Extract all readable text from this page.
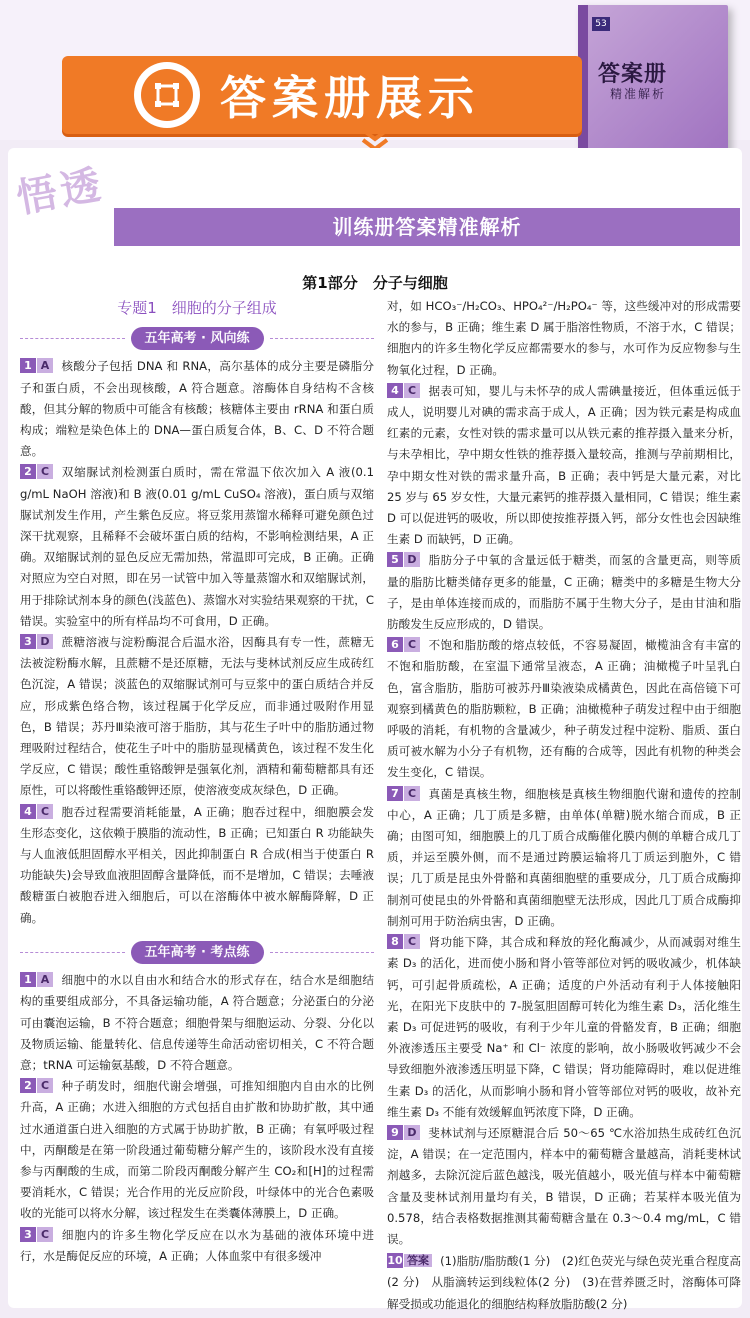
53
答案册
精准解析
答案册展示
悟透
训练册答案精准解析
第1部分　分子与细胞

专题1　细胞的分子组成

五年高考 · 风向练

1 A 核酸分子包括 DNA 和 RNA，高尔基体的成分主要是磷脂分子和蛋白质，不会出现核酸，A 符合题意。溶酶体自身结构不含核酸，但其分解的物质中可能含有核酸；核糖体主要由 rRNA 和蛋白质构成；端粒是染色体上的 DNA—蛋白质复合体，B、C、D 不符合题意。

2 C 双缩脲试剂检测蛋白质时，需在常温下依次加入 A 液(0.1 g/mL NaOH 溶液)和 B 液(0.01 g/mL CuSO₄ 溶液)，蛋白质与双缩脲试剂发生作用，产生紫色反应。将豆浆用蒸馏水稀释可避免颜色过深干扰观察，且稀释不会破坏蛋白质的结构，不影响检测结果，A 正确。双缩脲试剂的显色反应无需加热，常温即可完成，B 正确。正确对照应为空白对照，即在另一试管中加入等量蒸馏水和双缩脲试剂，用于排除试剂本身的颜色(浅蓝色)、蒸馏水对实验结果观察的干扰，C 错误。实验室中的所有样品均不可食用，D 正确。

3 D 蔗糖溶液与淀粉酶混合后温水浴，因酶具有专一性，蔗糖无法被淀粉酶水解，且蔗糖不是还原糖，无法与斐林试剂反应生成砖红色沉淀，A 错误；淡蓝色的双缩脲试剂可与豆浆中的蛋白质结合并反应，形成紫色络合物，该过程属于化学反应，而非通过吸附作用显色，B 错误；苏丹Ⅲ染液可溶于脂肪，其与花生子叶中的脂肪通过物理吸附过程结合，使花生子叶中的脂肪显现橘黄色，该过程不发生化学反应，C 错误；酸性重铬酸钾是强氧化剂，酒精和葡萄糖都具有还原性，可以将酸性重铬酸钾还原，使溶液变成灰绿色，D 正确。

4 C 胞吞过程需要消耗能量，A 正确；胞吞过程中，细胞膜会发生形态变化，这依赖于膜脂的流动性，B 正确；已知蛋白 R 功能缺失与人血液低胆固醇水平相关，因此抑制蛋白 R 合成(相当于使蛋白 R 功能缺失)会导致血液胆固醇含量降低，而不是增加，C 错误；去唾液酸糖蛋白被胞吞进入细胞后，可以在溶酶体中被水解酶降解，D 正确。

五年高考 · 考点练

1 A 细胞中的水以自由水和结合水的形式存在，结合水是细胞结构的重要组成部分，不具备运输功能，A 符合题意；分泌蛋白的分泌可由囊泡运输，B 不符合题意；细胞骨架与细胞运动、分裂、分化以及物质运输、能量转化、信息传递等生命活动密切相关，C 不符合题意；tRNA 可运输氨基酸，D 不符合题意。

2 C 种子萌发时，细胞代谢会增强，可推知细胞内自由水的比例升高，A 正确；水进入细胞的方式包括自由扩散和协助扩散，其中通过水通道蛋白进入细胞的方式属于协助扩散，B 正确；有氧呼吸过程中，丙酮酸是在第一阶段通过葡萄糖分解产生的，该阶段水没有直接参与丙酮酸的生成，而第二阶段丙酮酸分解产生 CO₂和[H]的过程需要消耗水，C 错误；光合作用的光反应阶段，叶绿体中的光合色素吸收的光能可以将水分解，该过程发生在类囊体薄膜上，D 正确。

3 C 细胞内的许多生物化学反应在以水为基础的液体环境中进行，水是酶促反应的环境，A 正确；人体血浆中有很多缓冲

对，如 HCO₃⁻/H₂CO₃、HPO₄²⁻/H₂PO₄⁻ 等，这些缓冲对的形成需要水的参与，B 正确；维生素 D 属于脂溶性物质，不溶于水，C 错误；细胞内的许多生物化学反应都需要水的参与，水可作为反应物参与生物氧化过程，D 正确。

4 C 据表可知，婴儿与未怀孕的成人需碘量接近，但体重远低于成人，说明婴儿对碘的需求高于成人，A 正确；因为铁元素是构成血红素的元素，女性对铁的需求量可以从铁元素的推荐摄入量来分析，与未孕相比，孕中期女性铁的推荐摄入量较高，推测与孕前期相比，孕中期女性对铁的需求量升高，B 正确；表中钙是大量元素，对比 25 岁与 65 岁女性，大量元素钙的推荐摄入量相同，C 错误；维生素 D 可以促进钙的吸收，所以即使按推荐摄入钙，部分女性也会因缺维生素 D 而缺钙，D 正确。

5 D 脂肪分子中氧的含量远低于糖类，而氢的含量更高，则等质量的脂肪比糖类储存更多的能量，C 正确；糖类中的多糖是生物大分子，是由单体连接而成的，而脂肪不属于生物大分子，是由甘油和脂肪酸发生反应形成的，D 错误。

6 C 不饱和脂肪酸的熔点较低，不容易凝固，橄榄油含有丰富的不饱和脂肪酸，在室温下通常呈液态，A 正确；油橄榄子叶呈乳白色，富含脂肪，脂肪可被苏丹Ⅲ染液染成橘黄色，因此在高倍镜下可观察到橘黄色的脂肪颗粒，B 正确；油橄榄种子萌发过程中由于细胞呼吸的消耗，有机物的含量减少，种子萌发过程中淀粉、脂质、蛋白质可被水解为小分子有机物，还有酶的合成等，因此有机物的种类会发生变化，C 错误。

7 C 真菌是真核生物，细胞核是真核生物细胞代谢和遗传的控制中心，A 正确；几丁质是多糖，由单体(单糖)脱水缩合而成，B 正确；由图可知，细胞膜上的几丁质合成酶催化膜内侧的单糖合成几丁质，并运至膜外侧，而不是通过跨膜运输将几丁质运到胞外，C 错误；几丁质是昆虫外骨骼和真菌细胞壁的重要成分，几丁质合成酶抑制剂可使昆虫的外骨骼和真菌细胞壁无法形成，因此几丁质合成酶抑制剂可用于防治病虫害，D 正确。

8 C 肾功能下降，其合成和释放的羟化酶减少，从而减弱对维生素 D₃ 的活化，进而使小肠和肾小管等部位对钙的吸收减少，机体缺钙，可引起骨质疏松，A 正确；适度的户外活动有利于人体接触阳光，在阳光下皮肤中的 7-脱氢胆固醇可转化为维生素 D₃，活化维生素 D₃ 可促进钙的吸收，有利于少年儿童的骨骼发育，B 正确；细胞外液渗透压主要受 Na⁺ 和 Cl⁻ 浓度的影响，故小肠吸收钙减少不会导致细胞外液渗透压明显下降，C 错误；肾功能障碍时，难以促进维生素 D₃ 的活化，从而影响小肠和肾小管等部位对钙的吸收，故补充维生素 D₃ 不能有效缓解血钙浓度下降，D 正确。

9 D 斐林试剂与还原糖混合后 50～65 ℃水浴加热生成砖红色沉淀，A 错误；在一定范围内，样本中的葡萄糖含量越高，消耗斐林试剂越多，去除沉淀后蓝色越浅，吸光值越小，吸光值与样本中葡萄糖含量及斐林试剂用量均有关，B 错误，D 正确；若某样本吸光值为 0.578，结合表格数据推测其葡萄糖含量在 0.3～0.4 mg/mL，C 错误。

10 答案 (1)脂肪/脂肪酸(1 分)　(2)红色荧光与绿色荧光重合程度高(2 分)　从脂滴转运到线粒体(2 分)　(3)在营养匮乏时，溶酶体可降解受损或功能退化的细胞结构释放脂肪酸(2 分)
